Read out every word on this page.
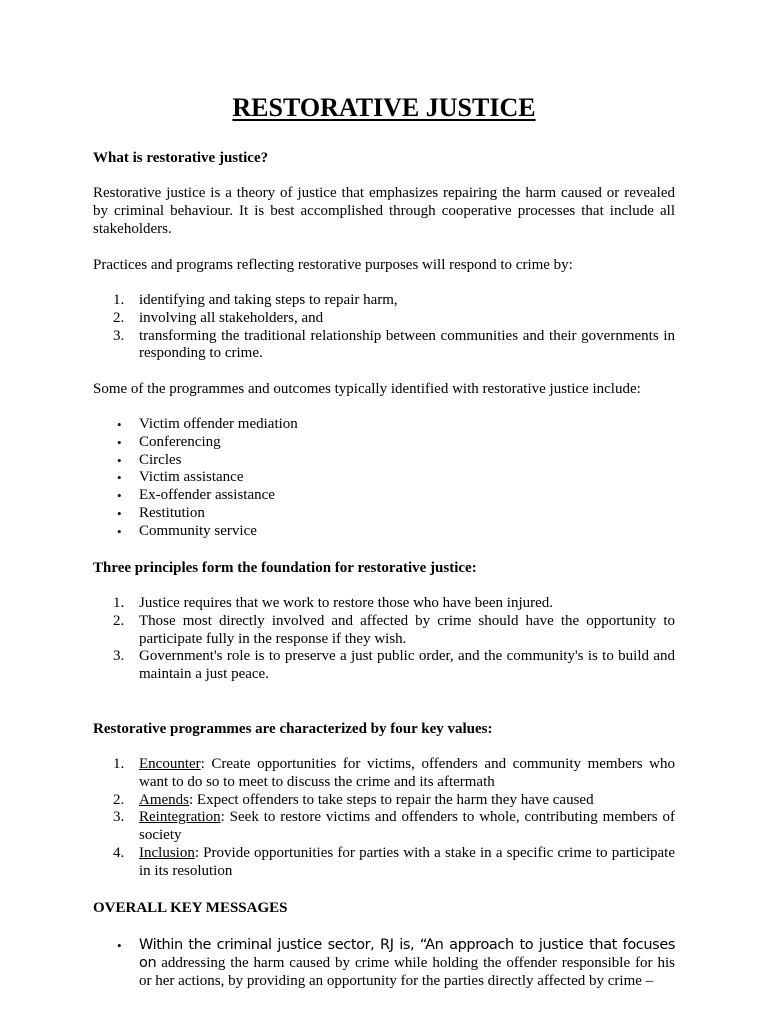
RESTORATIVE JUSTICE
What is restorative justice?

Restorative justice is a theory of justice that emphasizes repairing the harm caused or revealed by criminal behaviour. It is best accomplished through cooperative processes that include all stakeholders.

Practices and programs reflecting restorative purposes will respond to crime by:

1. identifying and taking steps to repair harm,
2. involving all stakeholders, and
3. transforming the traditional relationship between communities and their governments in responding to crime.

Some of the programmes and outcomes typically identified with restorative justice include:

• Victim offender mediation
• Conferencing
• Circles
• Victim assistance
• Ex-offender assistance
• Restitution
• Community service
Three principles form the foundation for restorative justice:
1. Justice requires that we work to restore those who have been injured.
2. Those most directly involved and affected by crime should have the opportunity to participate fully in the response if they wish.
3. Government's role is to preserve a just public order, and the community's is to build and maintain a just peace.
Restorative programmes are characterized by four key values:
1. Encounter: Create opportunities for victims, offenders and community members who want to do so to meet to discuss the crime and its aftermath
2. Amends: Expect offenders to take steps to repair the harm they have caused
3. Reintegration: Seek to restore victims and offenders to whole, contributing members of society
4. Inclusion: Provide opportunities for parties with a stake in a specific crime to participate in its resolution
OVERALL KEY MESSAGES
• Within the criminal justice sector, RJ is, “An approach to justice that focuses on addressing the harm caused by crime while holding the offender responsible for his or her actions, by providing an opportunity for the parties directly affected by crime –
